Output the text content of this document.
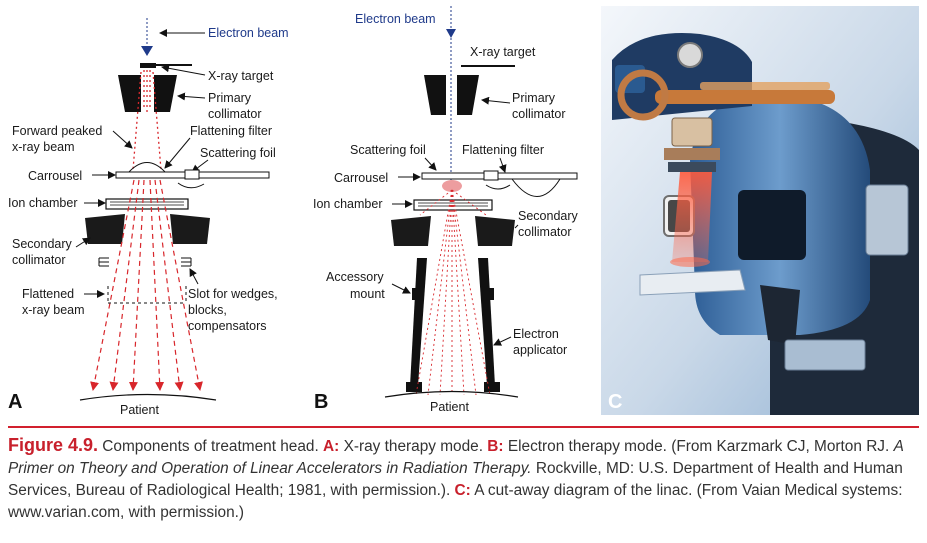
Electron beam
X-ray target
Primary
collimator
Forward peaked
x-ray beam
Flattening filter
Scattering foil
Carrousel
Ion chamber
Secondary
collimator
Flattened
x-ray beam
Slot for wedges,
blocks,
compensators
Patient
A
Electron beam
X-ray target
Primary
collimator
Scattering foil	Flattening filter
Carrousel
Ion chamber
Secondary
collimator
Accessory
mount
Electron
applicator
Patient
B	C
Figure 4.9. Components of treatment head. A: X-ray therapy mode. B: Electron therapy mode. (From Karzmark CJ, Morton RJ. A Primer on Theory and Operation of Linear Accelerators in Radiation Therapy. Rockville, MD: U.S. Department of Health and Human Services, Bureau of Radiological Health; 1981, with permission.). C: A cut-away diagram of the linac. (From Vaian Medical systems: www.varian.com, with permission.)
